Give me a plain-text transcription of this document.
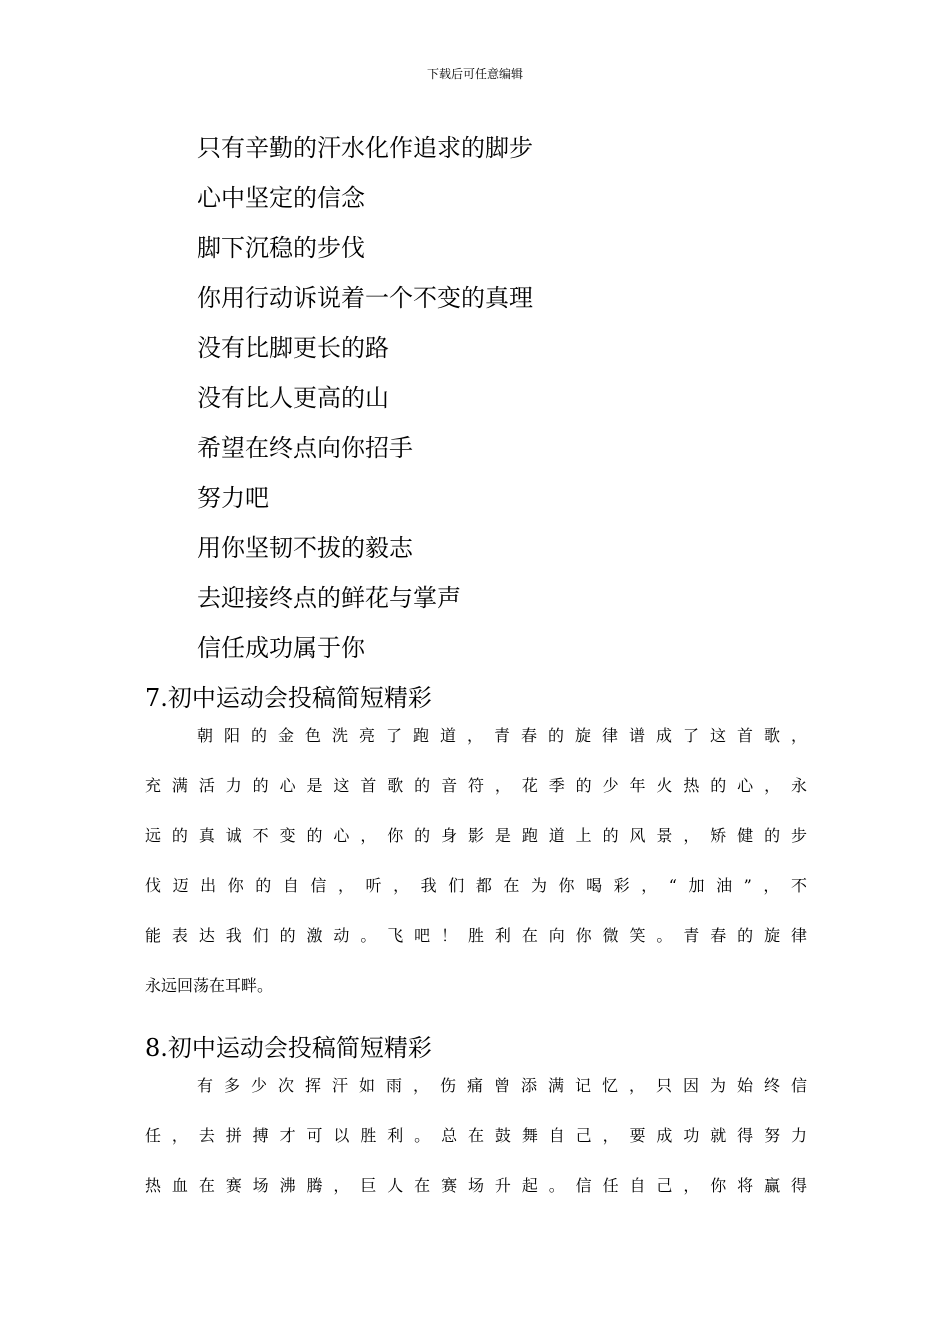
下载后可任意编辑
只有辛勤的汗水化作追求的脚步
心中坚定的信念
脚下沉稳的步伐
你用行动诉说着一个不变的真理
没有比脚更长的路
没有比人更高的山
希望在终点向你招手
努力吧
用你坚韧不拔的毅志
去迎接终点的鲜花与掌声
信任成功属于你
7.初中运动会投稿简短精彩
朝阳的金色洗亮了跑道，青春的旋律谱成了这首歌，
充满活力的心是这首歌的音符，花季的少年火热的心，永
远的真诚不变的心，你的身影是跑道上的风景，矫健的步
伐迈出你的自信，听，我们都在为你喝彩，“加油”，不
能表达我们的激动。飞吧！胜利在向你微笑。青春的旋律
永远回荡在耳畔。
8.初中运动会投稿简短精彩
有多少次挥汗如雨，伤痛曾添满记忆，只因为始终信
任，去拼搏才可以胜利。总在鼓舞自己，要成功就得努力
热血在赛场沸腾，巨人在赛场升起。信任自己，你将赢得
